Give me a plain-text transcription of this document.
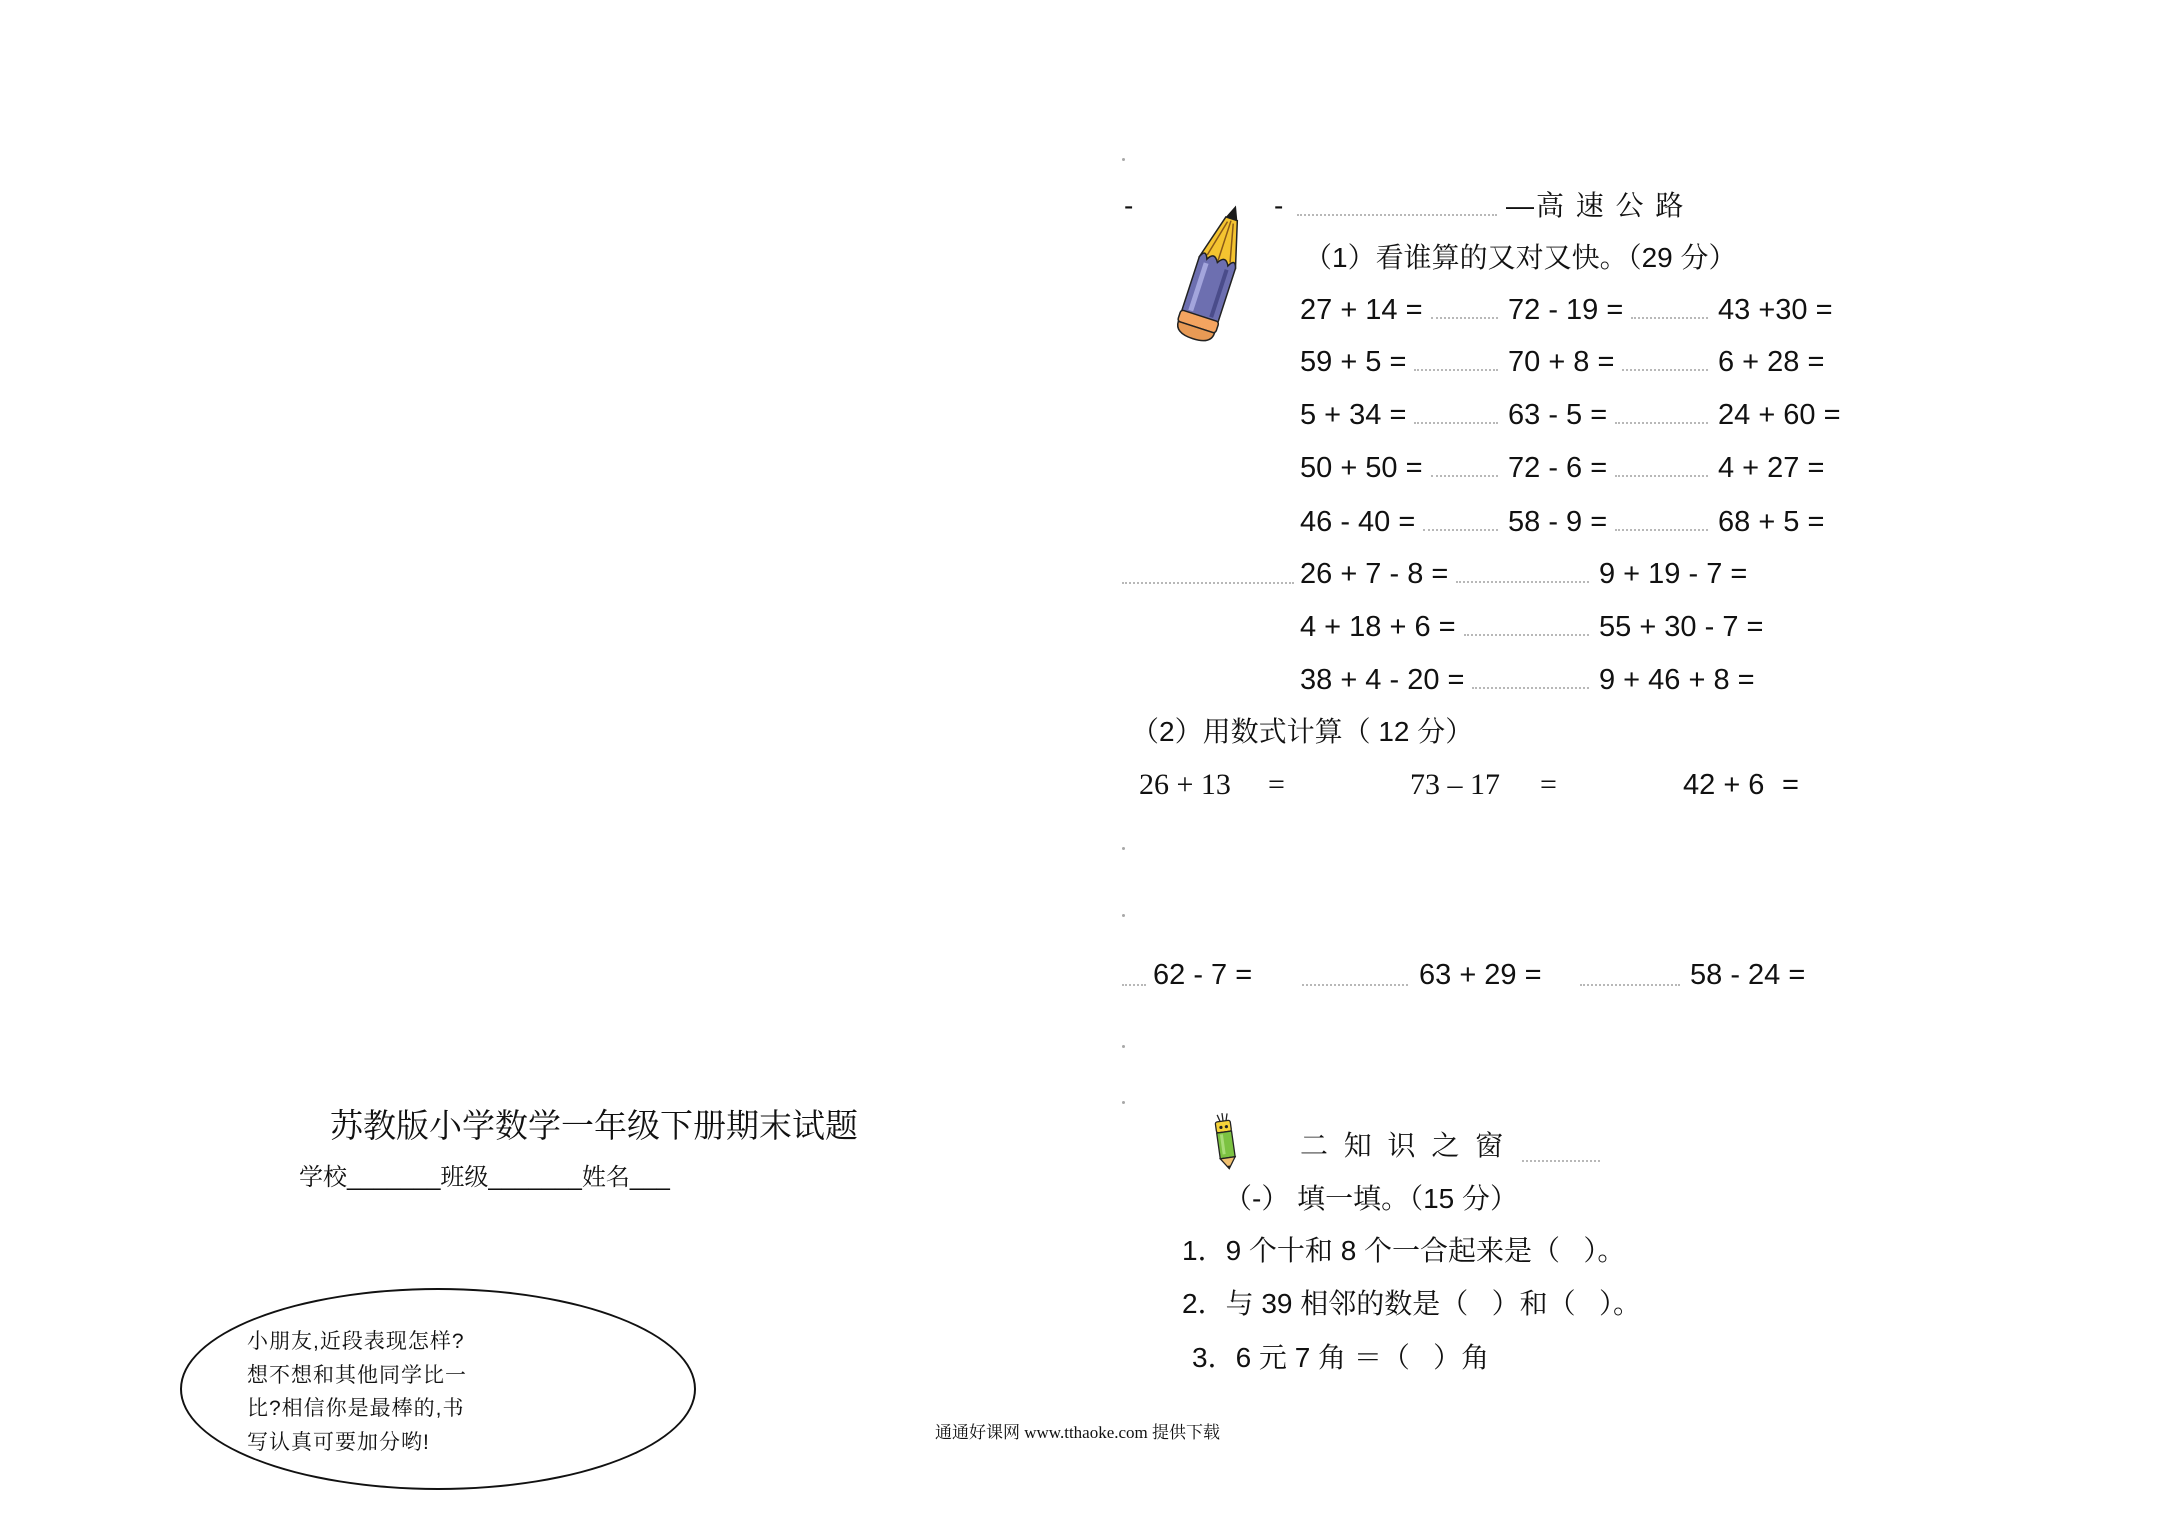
苏教版小学数学一年级下册期末试题
学校_______班级_______姓名___
小朋友,近段表现怎样?
想不想和其他同学比一
比?相信你是最棒的,书
写认真可要加分哟!
-	-	—高 速 公 路
（1）看谁算的又对又快。（29 分）
27 + 14 =	72 - 19 =	43 +30 =
59 + 5 =	70 + 8 =	6 + 28 =
5 + 34 =	63 - 5 =	24 + 60 =
50 + 50 =	72 - 6 =	4 + 27 =
46 - 40 =	58 - 9 =	68 + 5 =
26 + 7 - 8 =	9 + 19 - 7 =
4 + 18 + 6 =	55 + 30 - 7 =
38 + 4 - 20 =	9 + 46 + 8 =
（2）用数式计算（ 12 分）
26 + 13 =	73 – 17 =	42 + 6 =
62 - 7 =	63 + 29 =	58 - 24 =
二 知 识 之 窗
（-） 填一填。（15 分）
1．9 个十和 8 个一合起来是（   ）。
2．与 39 相邻的数是（   ）和（   ）。
3．6 元 7 角 ＝（   ）角
通通好课网 www.tthaoke.com 提供下载
